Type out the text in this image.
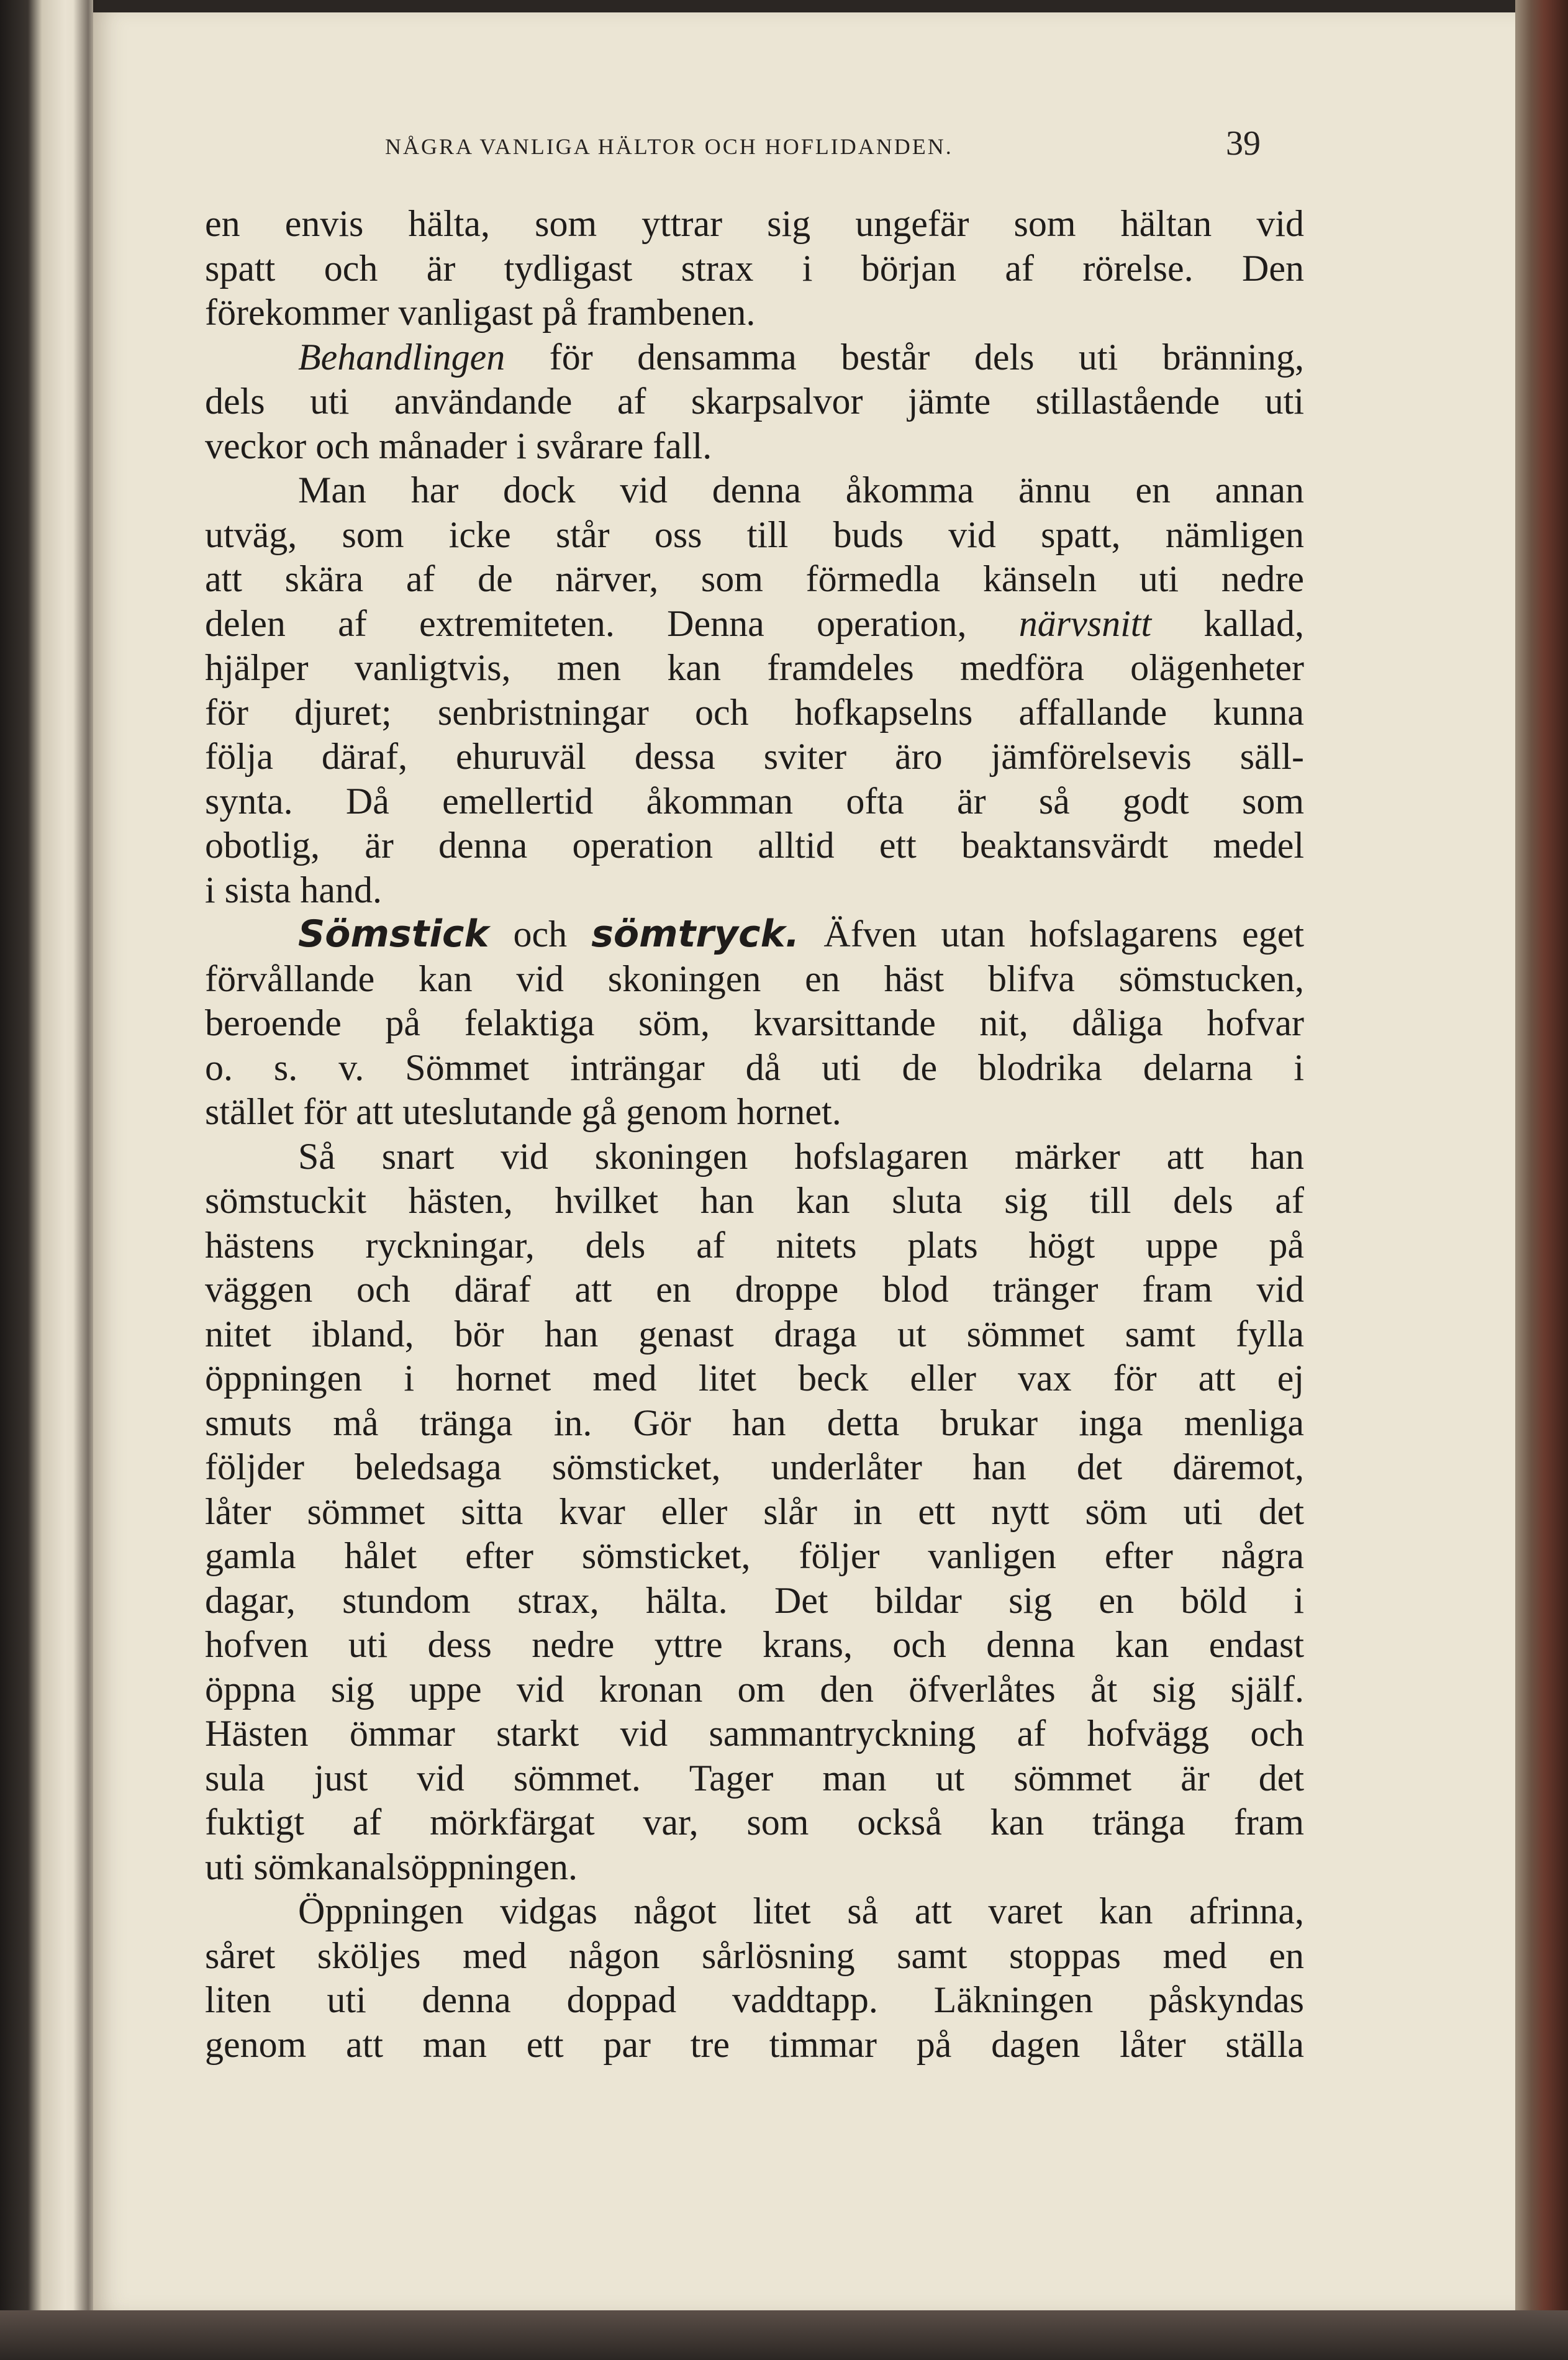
NÅGRA VANLIGA HÄLTOR OCH HOFLIDANDEN.	39
en envis hälta, som yttrar sig ungefär som hältan vid
spatt och är tydligast strax i början af rörelse. Den
förekommer vanligast på frambenen.
Behandlingen för densamma består dels uti bränning,
dels uti användande af skarpsalvor jämte stillastående uti
veckor och månader i svårare fall.
Man har dock vid denna åkomma ännu en annan
utväg, som icke står oss till buds vid spatt, nämligen
att skära af de närver, som förmedla känseln uti nedre
delen af extremiteten. Denna operation, närvsnitt kallad,
hjälper vanligtvis, men kan framdeles medföra olägenheter
för djuret; senbristningar och hofkapselns affallande kunna
följa däraf, ehuruväl dessa sviter äro jämförelsevis säll-
synta. Då emellertid åkomman ofta är så godt som
obotlig, är denna operation alltid ett beaktansvärdt medel
i sista hand.
Sömstick och sömtryck. Äfven utan hofslagarens eget
förvållande kan vid skoningen en häst blifva sömstucken,
beroende på felaktiga söm, kvarsittande nit, dåliga hofvar
o. s. v. Sömmet inträngar då uti de blodrika delarna i
stället för att uteslutande gå genom hornet.
Så snart vid skoningen hofslagaren märker att han
sömstuckit hästen, hvilket han kan sluta sig till dels af
hästens ryckningar, dels af nitets plats högt uppe på
väggen och däraf att en droppe blod tränger fram vid
nitet ibland, bör han genast draga ut sömmet samt fylla
öppningen i hornet med litet beck eller vax för att ej
smuts må tränga in. Gör han detta brukar inga menliga
följder beledsaga sömsticket, underlåter han det däremot,
låter sömmet sitta kvar eller slår in ett nytt söm uti det
gamla hålet efter sömsticket, följer vanligen efter några
dagar, stundom strax, hälta. Det bildar sig en böld i
hofven uti dess nedre yttre krans, och denna kan endast
öppna sig uppe vid kronan om den öfverlåtes åt sig själf.
Hästen ömmar starkt vid sammantryckning af hofvägg och
sula just vid sömmet. Tager man ut sömmet är det
fuktigt af mörkfärgat var, som också kan tränga fram
uti sömkanalsöppningen.
Öppningen vidgas något litet så att varet kan afrinna,
såret sköljes med någon sårlösning samt stoppas med en
liten uti denna doppad vaddtapp. Läkningen påskyndas
genom att man ett par tre timmar på dagen låter ställa
